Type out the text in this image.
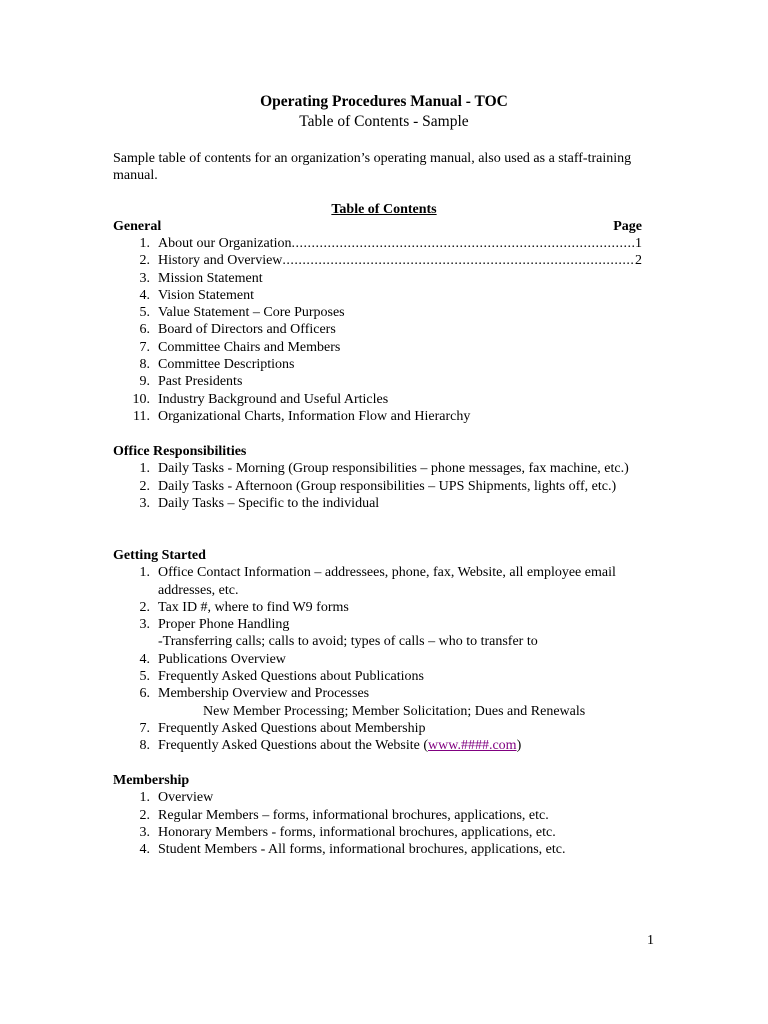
Operating Procedures Manual - TOC
Table of Contents - Sample
Sample table of contents for an organization’s operating manual, also used as a staff-training manual.
Table of Contents
General	Page
1. About our Organization .....	1
2. History and Overview .....	2
3. Mission Statement
4. Vision Statement
5. Value Statement – Core Purposes
6. Board of Directors and Officers
7. Committee Chairs and Members
8. Committee Descriptions
9. Past Presidents
10. Industry Background and Useful Articles
11. Organizational Charts, Information Flow and Hierarchy
Office Responsibilities
1. Daily Tasks - Morning (Group responsibilities – phone messages, fax machine, etc.)
2. Daily Tasks - Afternoon (Group responsibilities – UPS Shipments, lights off, etc.)
3. Daily Tasks – Specific to the individual
Getting Started
1. Office Contact Information – addressees, phone, fax, Website, all employee email addresses, etc.
2. Tax ID #, where to find W9 forms
3. Proper Phone Handling
-Transferring calls; calls to avoid; types of calls – who to transfer to
4. Publications Overview
5. Frequently Asked Questions about Publications
6. Membership Overview and Processes
New Member Processing; Member Solicitation; Dues and Renewals
7. Frequently Asked Questions about Membership
8. Frequently Asked Questions about the Website (www.####.com)
Membership
1. Overview
2. Regular Members – forms, informational brochures, applications, etc.
3. Honorary Members - forms, informational brochures, applications, etc.
4. Student Members - All forms, informational brochures, applications, etc.
1
